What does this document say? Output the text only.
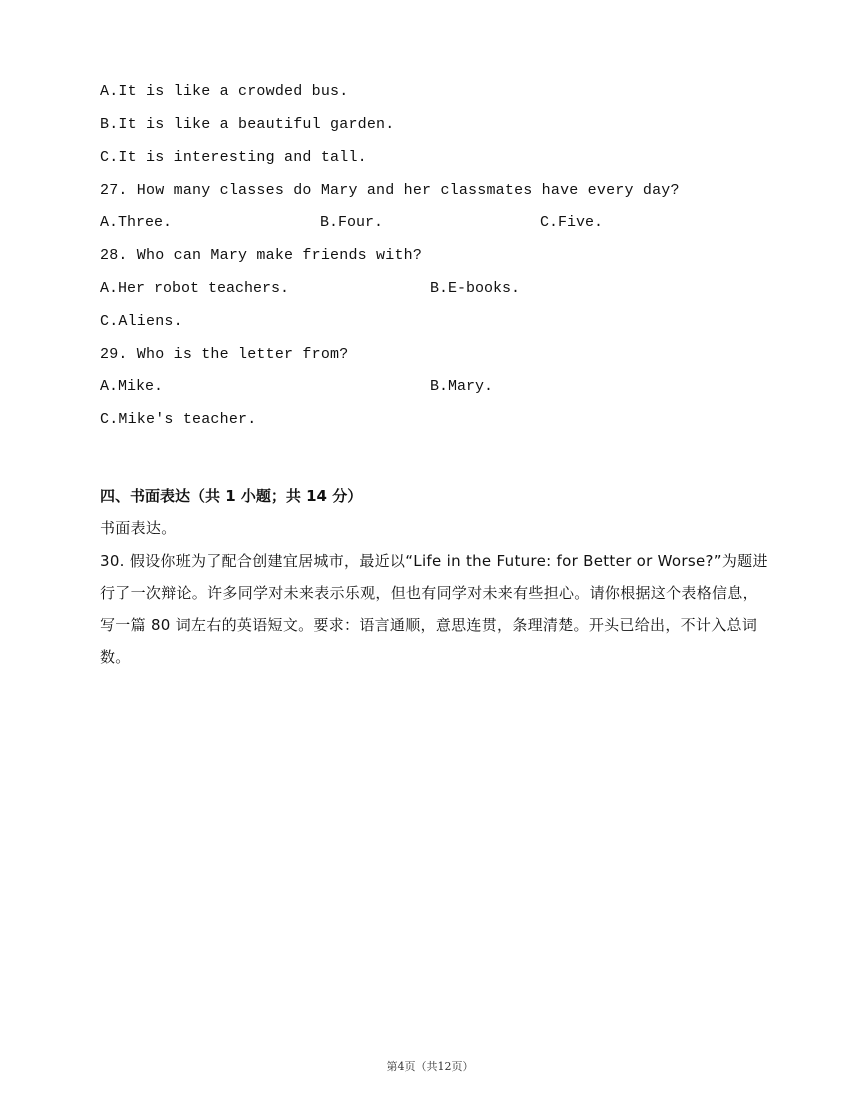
A.It is like a crowded bus.
B.It is like a beautiful garden.
C.It is interesting and tall.
27. How many classes do Mary and her classmates have every day?
A.Three.	B.Four.	C.Five.
28. Who can Mary make friends with?
A.Her robot teachers.	B.E-books.
C.Aliens.
29. Who is the letter from?
A.Mike.	B.Mary.
C.Mike's teacher.
四、书面表达（共 1 小题；共 14 分）
书面表达。
30. 假设你班为了配合创建宜居城市，最近以“Life in the Future: for Better or Worse?”为题进行了一次辩论。许多同学对未来表示乐观，但也有同学对未来有些担心。请你根据这个表格信息，写一篇 80 词左右的英语短文。要求：语言通顺，意思连贯，条理清楚。开头已给出，不计入总词数。
第4页（共12页）
